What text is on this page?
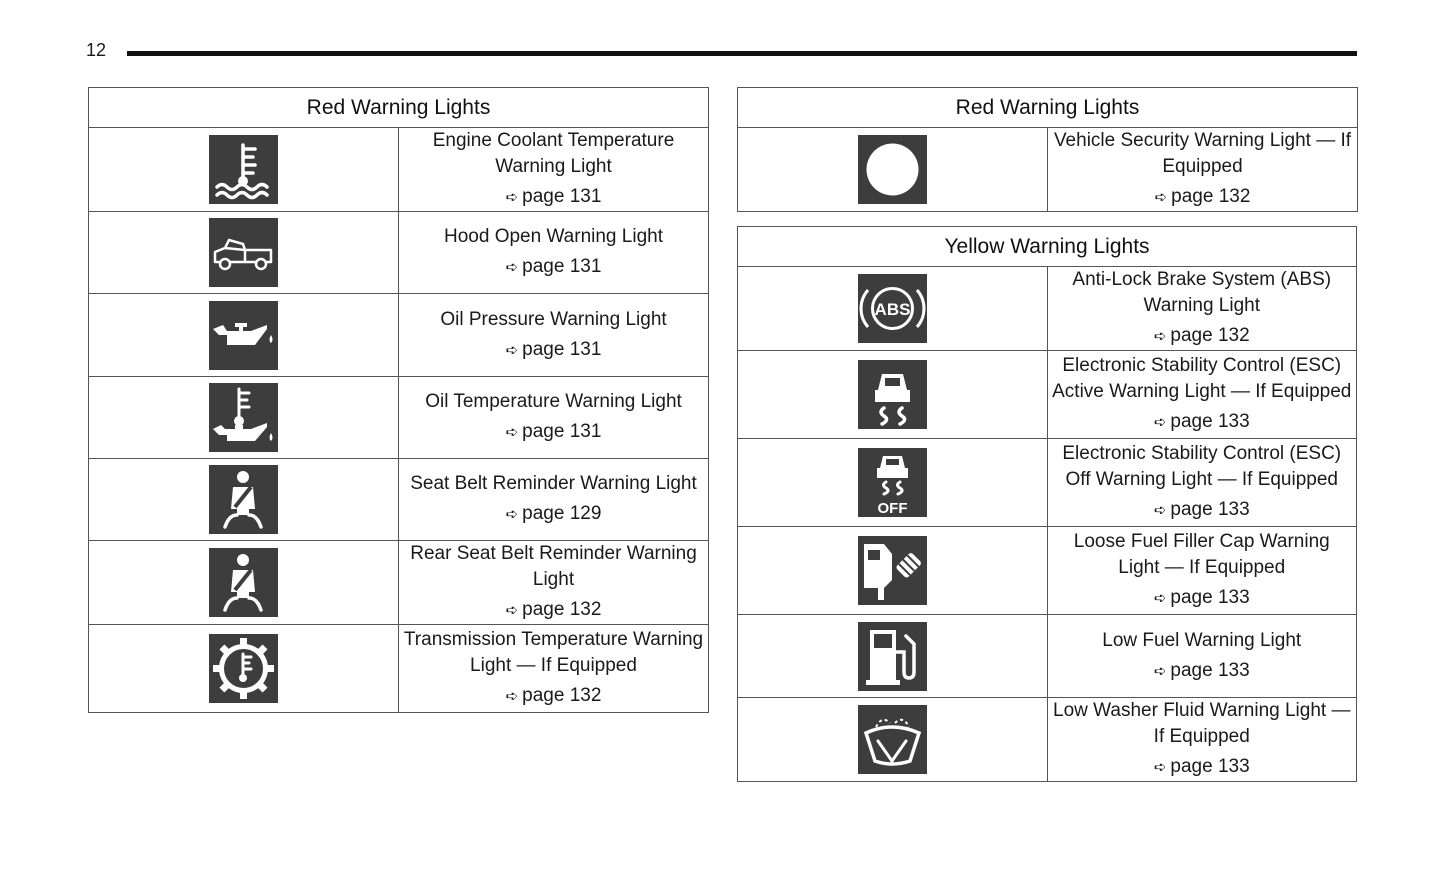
12
Red Warning Lights	

	Engine Coolant Temperature Warning Light
➪ page 131

	Hood Open Warning Light
➪ page 131

	Oil Pressure Warning Light
➪ page 131

	Oil Temperature Warning Light
➪ page 131

	Seat Belt Reminder Warning Light
➪ page 129

	Rear Seat Belt Reminder Warning Light
➪ page 132

	Transmission Temperature Warning Light — If Equipped
➪ page 132
Red Warning Lights

	Vehicle Security Warning Light — If Equipped
➪ page 132
Yellow Warning Lights	

ABS	Anti-Lock Brake System (ABS) Warning Light
➪ page 132

	Electronic Stability Control (ESC) Active Warning Light — If Equipped
➪ page 133

OFF	Electronic Stability Control (ESC) Off Warning Light — If Equipped
➪ page 133

	Loose Fuel Filler Cap Warning Light — If Equipped
➪ page 133

	Low Fuel Warning Light
➪ page 133

	Low Washer Fluid Warning Light — If Equipped
➪ page 133
